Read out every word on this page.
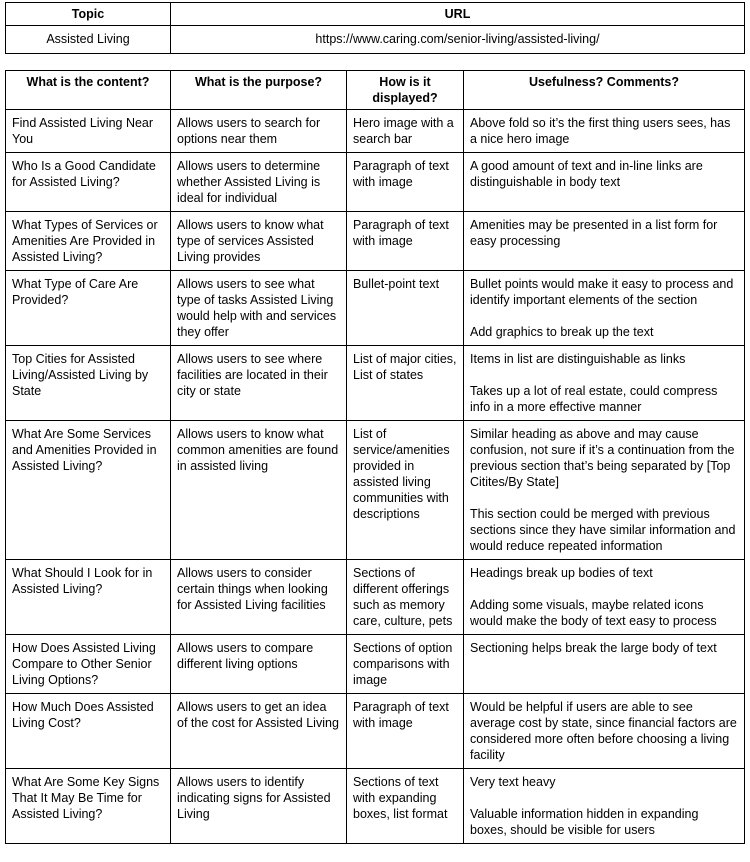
Topic	URL
Assisted Living	https://www.caring.com/senior-living/assisted-living/
What is the content?	What is the purpose?	How is it displayed?	Usefulness? Comments?
Find Assisted Living Near You	Allows users to search for options near them	Hero image with a search bar	Above fold so it’s the first thing users sees, has a nice hero image

Who Is a Good Candidate for Assisted Living?	Allows users to determine whether Assisted Living is ideal for individual	Paragraph of text with image	A good amount of text and in-line links are distinguishable in body text

What Types of Services or Amenities Are Provided in Assisted Living?	Allows users to know what type of services Assisted Living provides	Paragraph of text with image	Amenities may be presented in a list form for easy processing

What Type of Care Are Provided?	Allows users to see what type of tasks Assisted Living would help with and services they offer	Bullet-point text	Bullet points would make it easy to process and identify important elements of the section
Add graphics to break up the text

Top Cities for Assisted Living/Assisted Living by State	Allows users to see where facilities are located in their city or state	List of major cities, List of states	Items in list are distinguishable as links
Takes up a lot of real estate, could compress info in a more effective manner

What Are Some Services and Amenities Provided in Assisted Living?	Allows users to know what common amenities are found in assisted living	List of service/amenities provided in assisted living communities with descriptions	Similar heading as above and may cause confusion, not sure if it’s a continuation from the previous section that’s being separated by [Top Citites/By State]
This section could be merged with previous sections since they have similar information and would reduce repeated information

What Should I Look for in Assisted Living?	Allows users to consider certain things when looking for Assisted Living facilities	Sections of different offerings such as memory care, culture, pets	Headings break up bodies of text
Adding some visuals, maybe related icons would make the body of text easy to process

How Does Assisted Living Compare to Other Senior Living Options?	Allows users to compare different living options	Sections of option comparisons with image	Sectioning helps break the large body of text

How Much Does Assisted Living Cost?	Allows users to get an idea of the cost for Assisted Living	Paragraph of text with image	Would be helpful if users are able to see average cost by state, since financial factors are considered more often before choosing a living facility

What Are Some Key Signs That It May Be Time for Assisted Living?	Allows users to identify indicating signs for Assisted Living	Sections of text with expanding boxes, list format	Very text heavy
Valuable information hidden in expanding boxes, should be visible for users
